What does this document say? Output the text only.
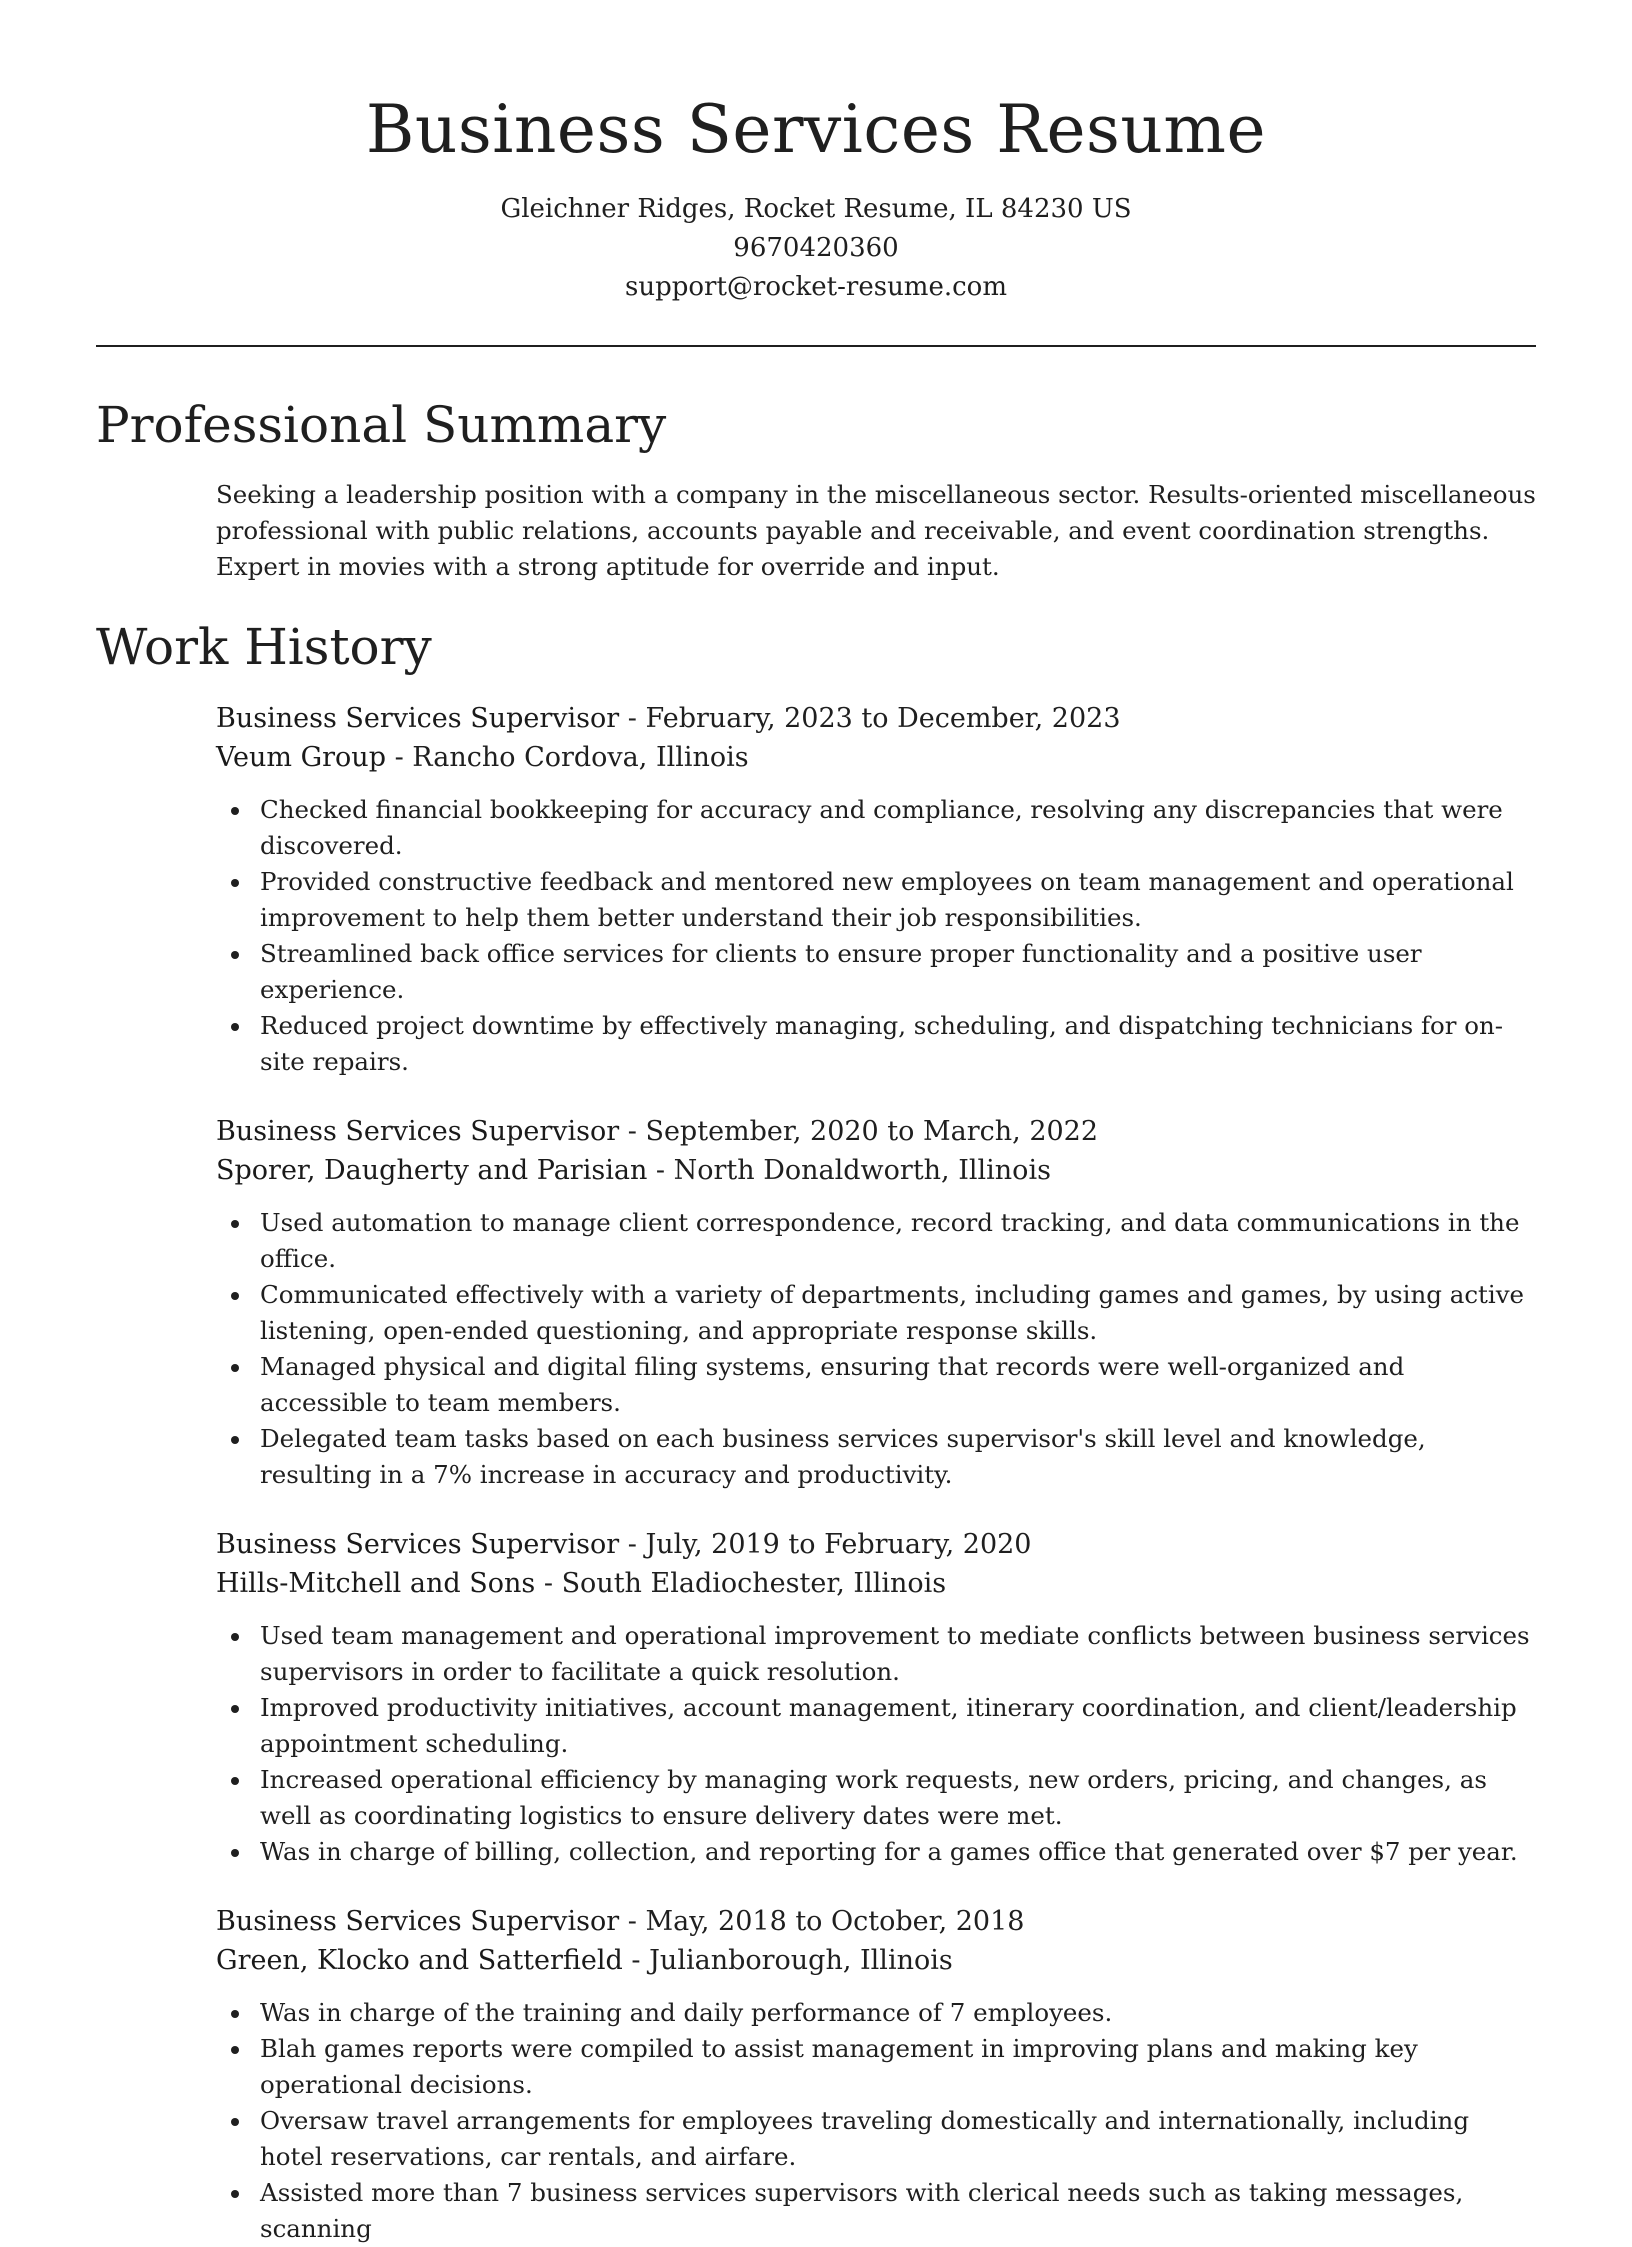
Business Services Resume

Gleichner Ridges, Rocket Resume, IL 84230 US

9670420360

support@rocket-resume.com

Professional Summary

Seeking a leadership position with a company in the miscellaneous sector. Results-oriented miscellaneous professional with public relations, accounts payable and receivable, and event coordination strengths. Expert in movies with a strong aptitude for override and input.

Work History

Business Services Supervisor - February, 2023 to December, 2023

Veum Group - Rancho Cordova, Illinois

Checked financial bookkeeping for accuracy and compliance, resolving any discrepancies that were discovered.
Provided constructive feedback and mentored new employees on team management and operational improvement to help them better understand their job responsibilities.
Streamlined back office services for clients to ensure proper functionality and a positive user experience.
Reduced project downtime by effectively managing, scheduling, and dispatching technicians for on-site repairs.

Business Services Supervisor - September, 2020 to March, 2022

Sporer, Daugherty and Parisian - North Donaldworth, Illinois

Used automation to manage client correspondence, record tracking, and data communications in the office.
Communicated effectively with a variety of departments, including games and games, by using active listening, open-ended questioning, and appropriate response skills.
Managed physical and digital filing systems, ensuring that records were well-organized and accessible to team members.
Delegated team tasks based on each business services supervisor's skill level and knowledge, resulting in a 7% increase in accuracy and productivity.

Business Services Supervisor - July, 2019 to February, 2020

Hills-Mitchell and Sons - South Eladiochester, Illinois

Used team management and operational improvement to mediate conflicts between business services supervisors in order to facilitate a quick resolution.
Improved productivity initiatives, account management, itinerary coordination, and client/leadership appointment scheduling.
Increased operational efficiency by managing work requests, new orders, pricing, and changes, as well as coordinating logistics to ensure delivery dates were met.
Was in charge of billing, collection, and reporting for a games office that generated over $7 per year.

Business Services Supervisor - May, 2018 to October, 2018

Green, Klocko and Satterfield - Julianborough, Illinois

Was in charge of the training and daily performance of 7 employees.
Blah games reports were compiled to assist management in improving plans and making key operational decisions.
Oversaw travel arrangements for employees traveling domestically and internationally, including hotel reservations, car rentals, and airfare.
Assisted more than 7 business services supervisors with clerical needs such as taking messages, scanning
